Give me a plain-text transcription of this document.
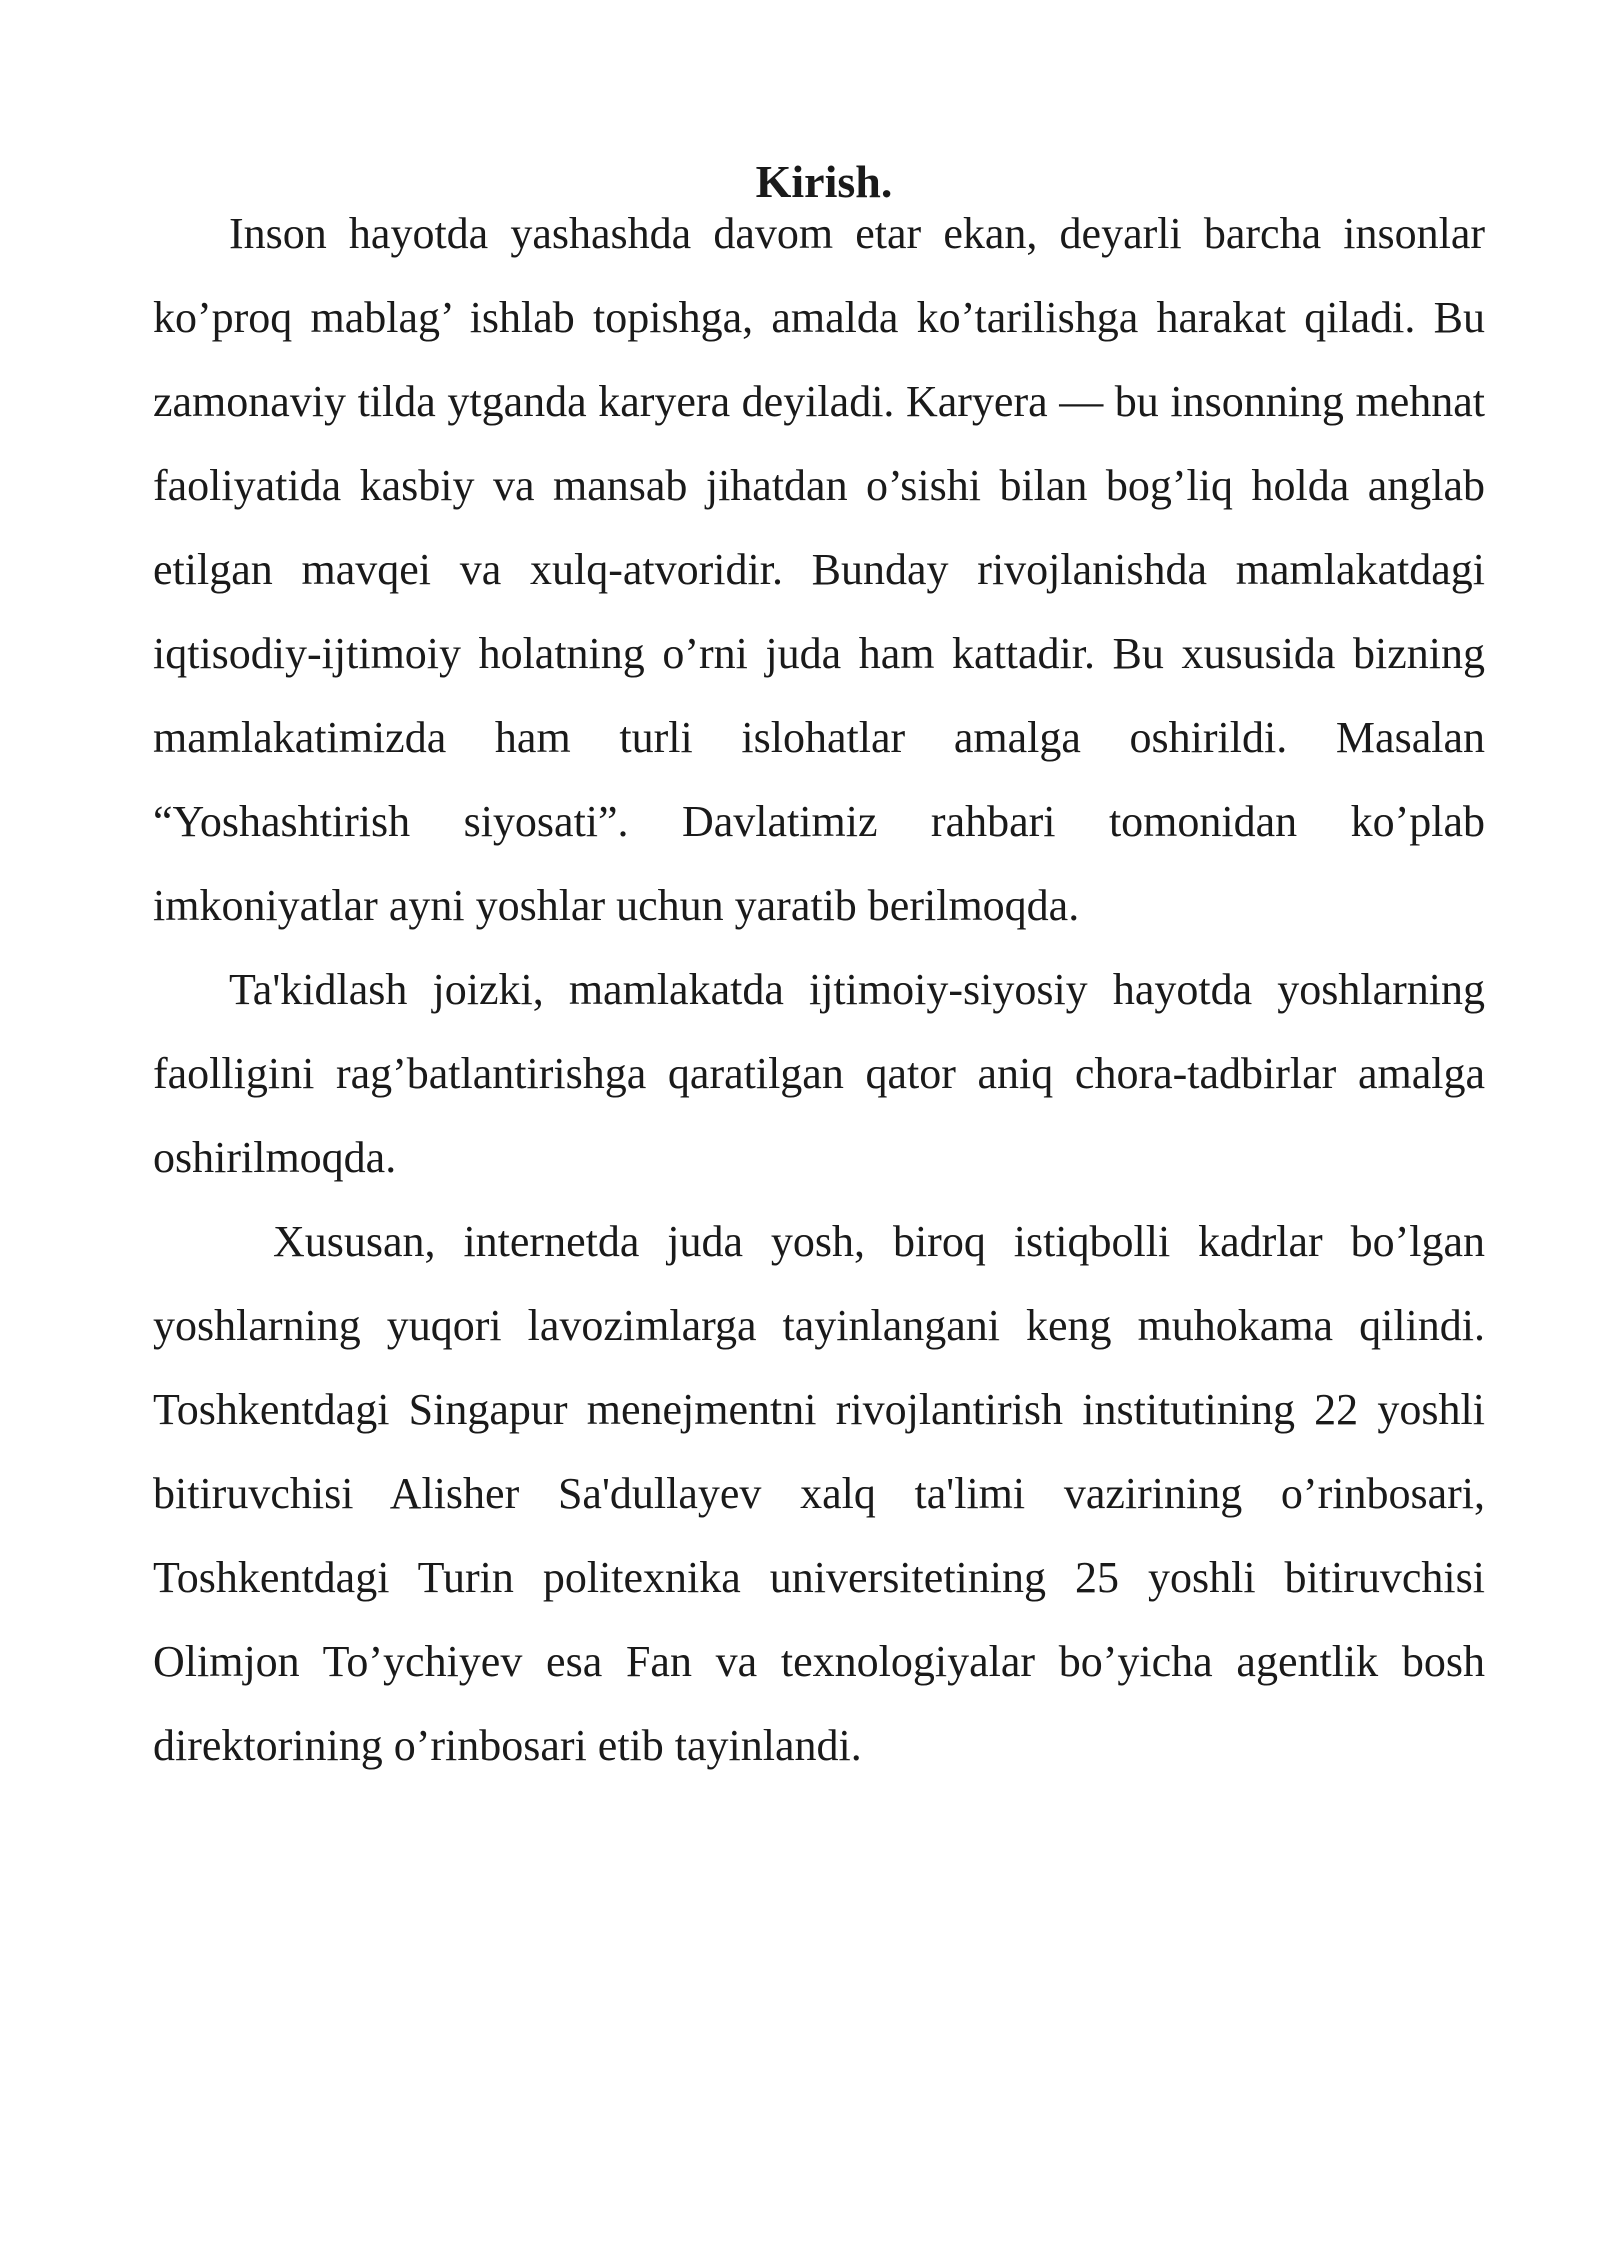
Kirish.

Inson hayotda yashashda davom etar ekan, deyarli barcha insonlar ko’proq mablag’ ishlab topishga, amalda ko’tarilishga harakat qiladi. Bu zamonaviy tilda ytganda karyera deyiladi. Karyera — bu insonning mehnat faoliyatida kasbiy va mansab jihatdan o’sishi bilan bog’liq holda anglab etilgan mavqei va xulq-atvoridir. Bunday rivojlanishda mamlakatdagi iqtisodiy-ijtimoiy holatning o’rni juda ham kattadir. Bu xususida bizning mamlakatimizda ham turli islohatlar amalga oshirildi. Masalan “Yoshashtirish siyosati”. Davlatimiz rahbari tomonidan ko’plab imkoniyatlar ayni yoshlar uchun yaratib berilmoqda.

Ta'kidlash joizki, mamlakatda ijtimoiy-siyosiy hayotda yoshlarning faolligini rag’batlantirishga qaratilgan qator aniq chora-tadbirlar amalga oshirilmoqda.

Xususan, internetda juda yosh, biroq istiqbolli kadrlar bo’lgan yoshlarning yuqori lavozimlarga tayinlangani keng muhokama qilindi. Toshkentdagi Singapur menejmentni rivojlantirish institutining 22 yoshli bitiruvchisi Alisher Sa'dullayev xalq ta'limi vazirining o’rinbosari, Toshkentdagi Turin politexnika universitetining 25 yoshli bitiruvchisi Olimjon To’ychiyev esa Fan va texnologiyalar bo’yicha agentlik bosh direktorining o’rinbosari etib tayinlandi.
